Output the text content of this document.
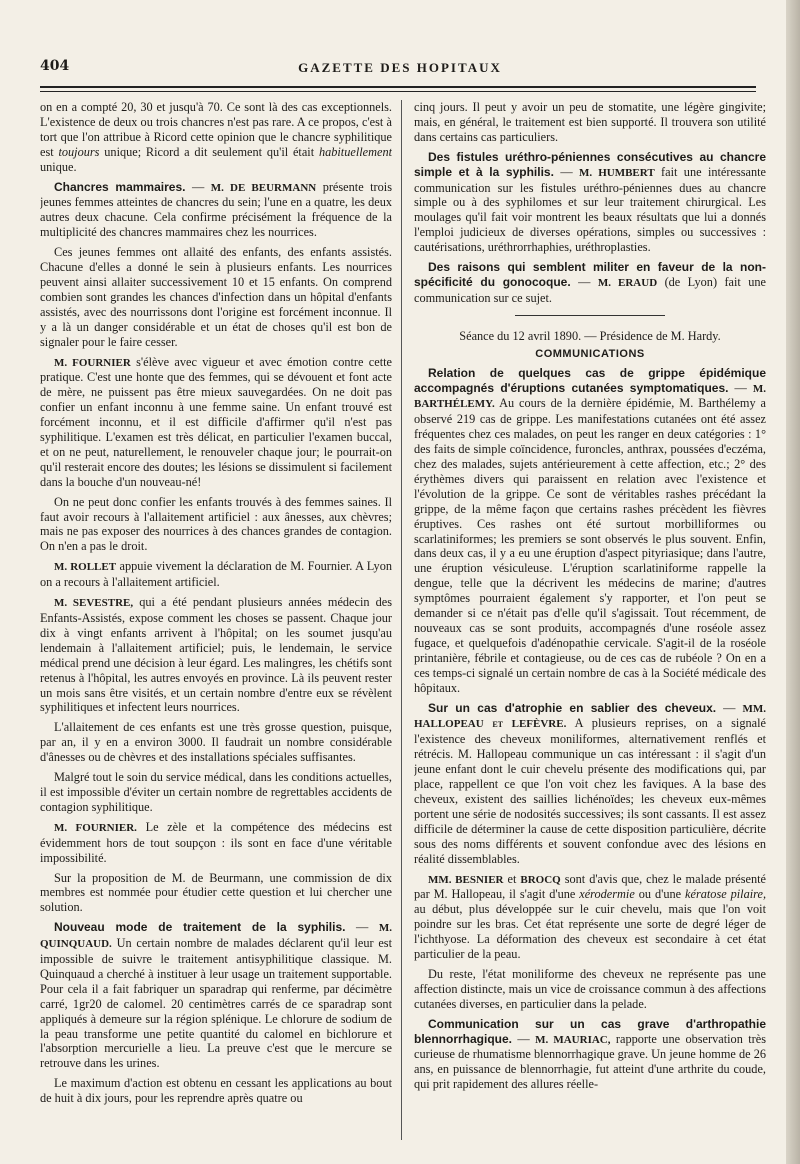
404	GAZETTE DES HOPITAUX

on en a compté 20, 30 et jusqu'à 70. Ce sont là des cas exceptionnels. L'existence de deux ou trois chancres n'est pas rare. A ce propos, c'est à tort que l'on attribue à Ricord cette opinion que le chancre syphilitique est toujours unique; Ricord a dit seulement qu'il était habituellement unique.

Chancres mammaires. — M. DE BEURMANN présente trois jeunes femmes atteintes de chancres du sein; l'une en a quatre, les deux autres deux chacune. Cela confirme précisément la fréquence de la multiplicité des chancres mammaires chez les nourrices.

Ces jeunes femmes ont allaité des enfants, des enfants assistés. Chacune d'elles a donné le sein à plusieurs enfants. Les nourrices peuvent ainsi allaiter successivement 10 et 15 enfants. On comprend combien sont grandes les chances d'infection dans un hôpital d'enfants assistés, avec des nourrissons dont l'origine est forcément inconnue. Il y a là un danger considérable et un état de choses qu'il est bon de signaler pour le faire cesser.

M. FOURNIER s'élève avec vigueur et avec émotion contre cette pratique. C'est une honte que des femmes, qui se dévouent et font acte de mère, ne puissent pas être mieux sauvegardées. On ne doit pas confier un enfant inconnu à une femme saine. Un enfant trouvé est forcément inconnu, et il est difficile d'affirmer qu'il n'est pas syphilitique. L'examen est très délicat, en particulier l'examen buccal, et on ne peut, naturellement, le renouveler chaque jour; le pourrait-on qu'il resterait encore des doutes; les lésions se dissimulent si facilement dans la bouche d'un nouveau-né!

On ne peut donc confier les enfants trouvés à des femmes saines. Il faut avoir recours à l'allaitement artificiel : aux ânesses, aux chèvres; mais ne pas exposer des nourrices à des chances grandes de contagion. On n'en a pas le droit.

M. ROLLET appuie vivement la déclaration de M. Fournier. A Lyon on a recours à l'allaitement artificiel.

M. SEVESTRE, qui a été pendant plusieurs années médecin des Enfants-Assistés, expose comment les choses se passent. Chaque jour dix à vingt enfants arrivent à l'hôpital; on les soumet jusqu'au lendemain à l'allaitement artificiel; puis, le lendemain, le service médical prend une décision à leur égard. Les malingres, les chétifs sont retenus à l'hôpital, les autres envoyés en province. Là ils peuvent rester un mois sans être visités, et un certain nombre d'entre eux se révèlent syphilitiques et infectent leurs nourrices.

L'allaitement de ces enfants est une très grosse question, puisque, par an, il y en a environ 3000. Il faudrait un nombre considérable d'ânesses ou de chèvres et des installations spéciales suffisantes.

Malgré tout le soin du service médical, dans les conditions actuelles, il est impossible d'éviter un certain nombre de regrettables accidents de contagion syphilitique.

M. FOURNIER. Le zèle et la compétence des médecins est évidemment hors de tout soupçon : ils sont en face d'une véritable impossibilité.

Sur la proposition de M. de Beurmann, une commission de dix membres est nommée pour étudier cette question et lui chercher une solution.

Nouveau mode de traitement de la syphilis. — M. QUINQUAUD. Un certain nombre de malades déclarent qu'il leur est impossible de suivre le traitement antisyphilitique classique. M. Quinquaud a cherché à instituer à leur usage un traitement supportable. Pour cela il a fait fabriquer un sparadrap qui renferme, par décimètre carré, 1gr20 de calomel. 20 centimètres carrés de ce sparadrap sont appliqués à demeure sur la région splénique. Le chlorure de sodium de la peau transforme une petite quantité du calomel en bichlorure et l'absorption mercurielle a lieu. La preuve c'est que le mercure se retrouve dans les urines.

Le maximum d'action est obtenu en cessant les applications au bout de huit à dix jours, pour les reprendre après quatre ou

cinq jours. Il peut y avoir un peu de stomatite, une légère gingivite; mais, en général, le traitement est bien supporté. Il trouvera son utilité dans certains cas particuliers.

Des fistules uréthro-péniennes consécutives au chancre simple et à la syphilis. — M. HUMBERT fait une intéressante communication sur les fistules uréthro-péniennes dues au chancre simple ou à des syphilomes et sur leur traitement chirurgical. Les moulages qu'il fait voir montrent les beaux résultats que lui a donnés l'emploi judicieux de diverses opérations, simples ou successives : cautérisations, uréthrorrhaphies, uréthroplasties.

Des raisons qui semblent militer en faveur de la non-spécificité du gonocoque. — M. ERAUD (de Lyon) fait une communication sur ce sujet.

Séance du 12 avril 1890. — Présidence de M. Hardy.

COMMUNICATIONS

Relation de quelques cas de grippe épidémique accompagnés d'éruptions cutanées symptomatiques. — M. BARTHÉLEMY. Au cours de la dernière épidémie, M. Barthélemy a observé 219 cas de grippe. Les manifestations cutanées ont été assez fréquentes chez ces malades, on peut les ranger en deux catégories : 1° des faits de simple coïncidence, furoncles, anthrax, poussées d'eczéma, chez des malades, sujets antérieurement à cette affection, etc.; 2° des érythèmes divers qui paraissent en relation avec l'existence et l'évolution de la grippe. Ce sont de véritables rashes précédant la grippe, de la même façon que certains rashes précèdent les fièvres éruptives. Ces rashes ont été surtout morbilliformes ou scarlatiniformes; les premiers se sont observés le plus souvent. Enfin, dans deux cas, il y a eu une éruption d'aspect pityriasique; dans l'autre, une éruption vésiculeuse. L'éruption scarlatiniforme rappelle la dengue, telle que la décrivent les médecins de marine; d'autres symptômes pourraient également s'y rapporter, et l'on peut se demander si ce n'était pas d'elle qu'il s'agissait. Tout récemment, de nouveaux cas se sont produits, accompagnés d'une roséole assez fugace, et quelquefois d'adénopathie cervicale. S'agit-il de la roséole printanière, fébrile et contagieuse, ou de ces cas de rubéole ? On en a ces temps-ci signalé un certain nombre de cas à la Société médicale des hôpitaux.

Sur un cas d'atrophie en sablier des cheveux. — MM. HALLOPEAU et LEFÈVRE. A plusieurs reprises, on a signalé l'existence des cheveux moniliformes, alternativement renflés et rétrécis. M. Hallopeau communique un cas intéressant : il s'agit d'un jeune enfant dont le cuir chevelu présente des modifications qui, par place, rappellent ce que l'on voit chez les faviques. A la base des cheveux, existent des saillies lichénoïdes; les cheveux eux-mêmes portent une série de nodosités successives; ils sont cassants. Il est assez difficile de déterminer la cause de cette disposition particulière, décrite sous des noms différents et souvent confondue avec des lésions en réalité dissemblables.

MM. BESNIER et BROCQ sont d'avis que, chez le malade présenté par M. Hallopeau, il s'agit d'une xérodermie ou d'une kératose pilaire, au début, plus développée sur le cuir chevelu, mais que l'on voit poindre sur les bras. Cet état représente une sorte de degré léger de l'ichthyose. La déformation des cheveux est secondaire à cet état particulier de la peau.

Du reste, l'état moniliforme des cheveux ne représente pas une affection distincte, mais un vice de croissance commun à des affections cutanées diverses, en particulier dans la pelade.

Communication sur un cas grave d'arthropathie blennorrhagique. — M. MAURIAC, rapporte une observation très curieuse de rhumatisme blennorrhagique grave. Un jeune homme de 26 ans, en puissance de blennorrhagie, fut atteint d'une arthrite du coude, qui prit rapidement des allures réelle-
